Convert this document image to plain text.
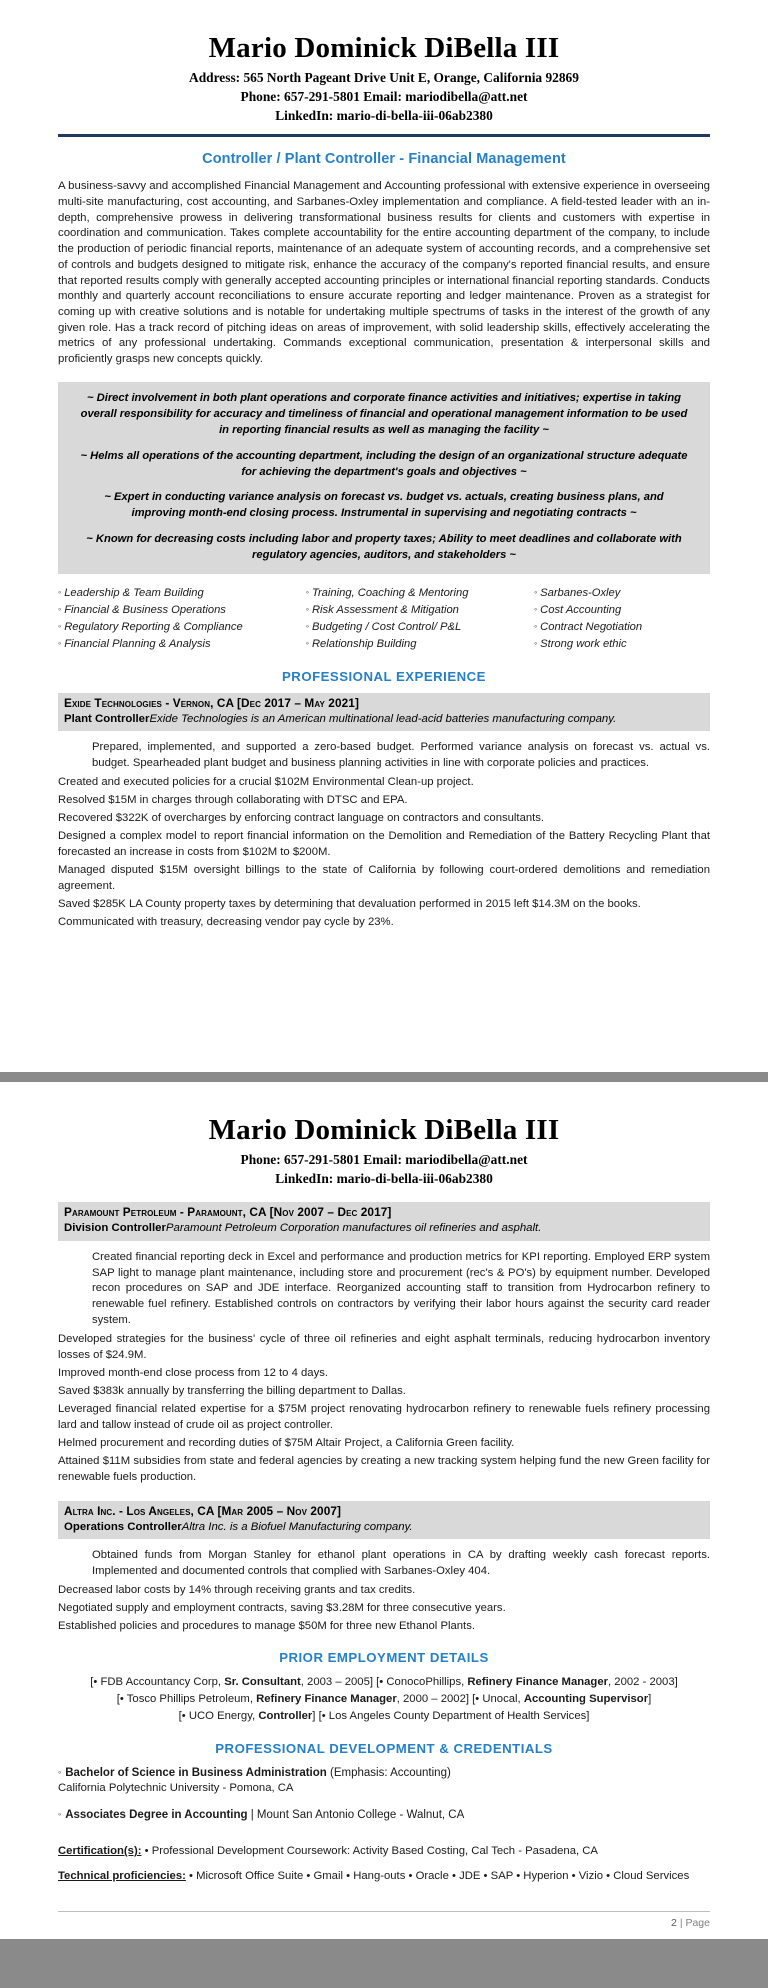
Mario Dominick DiBella III
Address: 565 North Pageant Drive Unit E, Orange, California 92869
Phone: 657-291-5801 Email: mariodibella@att.net
LinkedIn: mario-di-bella-iii-06ab2380
Controller / Plant Controller - Financial Management
A business-savvy and accomplished Financial Management and Accounting professional with extensive experience in overseeing multi-site manufacturing, cost accounting, and Sarbanes-Oxley implementation and compliance. A field-tested leader with an in-depth, comprehensive prowess in delivering transformational business results for clients and customers with expertise in coordination and communication. Takes complete accountability for the entire accounting department of the company, to include the production of periodic financial reports, maintenance of an adequate system of accounting records, and a comprehensive set of controls and budgets designed to mitigate risk, enhance the accuracy of the company's reported financial results, and ensure that reported results comply with generally accepted accounting principles or international financial reporting standards. Conducts monthly and quarterly account reconciliations to ensure accurate reporting and ledger maintenance. Proven as a strategist for coming up with creative solutions and is notable for undertaking multiple spectrums of tasks in the interest of the growth of any given role. Has a track record of pitching ideas on areas of improvement, with solid leadership skills, effectively accelerating the metrics of any professional undertaking. Commands exceptional communication, presentation & interpersonal skills and proficiently grasps new concepts quickly.

~ Direct involvement in both plant operations and corporate finance activities and initiatives; expertise in taking overall responsibility for accuracy and timeliness of financial and operational management information to be used in reporting financial results as well as managing the facility ~

~ Helms all operations of the accounting department, including the design of an organizational structure adequate for achieving the department's goals and objectives ~

~ Expert in conducting variance analysis on forecast vs. budget vs. actuals, creating business plans, and improving month-end closing process. Instrumental in supervising and negotiating contracts ~

~ Known for decreasing costs including labor and property taxes; Ability to meet deadlines and collaborate with regulatory agencies, auditors, and stakeholders ~

◦ Leadership & Team Building
◦ Financial & Business Operations
◦ Regulatory Reporting & Compliance
◦ Financial Planning & Analysis
◦ Training, Coaching & Mentoring
◦ Risk Assessment & Mitigation
◦ Budgeting / Cost Control/ P&L
◦ Relationship Building
◦ Sarbanes-Oxley
◦ Cost Accounting
◦ Contract Negotiation
◦ Strong work ethic
PROFESSIONAL EXPERIENCE
Exide Technologies - Vernon, CA [Dec 2017 – May 2021]
Plant ControllerExide Technologies is an American multinational lead-acid batteries manufacturing company.
Prepared, implemented, and supported a zero-based budget. Performed variance analysis on forecast vs. actual vs. budget. Spearheaded plant budget and business planning activities in line with corporate policies and practices.
Created and executed policies for a crucial $102M Environmental Clean-up project.
Resolved $15M in charges through collaborating with DTSC and EPA.
Recovered $322K of overcharges by enforcing contract language on contractors and consultants.
Designed a complex model to report financial information on the Demolition and Remediation of the Battery Recycling Plant that forecasted an increase in costs from $102M to $200M.
Managed disputed $15M oversight billings to the state of California by following court-ordered demolitions and remediation agreement.
Saved $285K LA County property taxes by determining that devaluation performed in 2015 left $14.3M on the books.
Communicated with treasury, decreasing vendor pay cycle by 23%.
Mario Dominick DiBella III
Phone: 657-291-5801 Email: mariodibella@att.net
LinkedIn: mario-di-bella-iii-06ab2380
Paramount Petroleum - Paramount, CA [Nov 2007 – Dec 2017]
Division ControllerParamount Petroleum Corporation manufactures oil refineries and asphalt.
Created financial reporting deck in Excel and performance and production metrics for KPI reporting. Employed ERP system SAP light to manage plant maintenance, including store and procurement (rec's & PO's) by equipment number. Developed recon procedures on SAP and JDE interface. Reorganized accounting staff to transition from Hydrocarbon refinery to renewable fuel refinery. Established controls on contractors by verifying their labor hours against the security card reader system.
Developed strategies for the business' cycle of three oil refineries and eight asphalt terminals, reducing hydrocarbon inventory losses of $24.9M.
Improved month-end close process from 12 to 4 days.
Saved $383k annually by transferring the billing department to Dallas.
Leveraged financial related expertise for a $75M project renovating hydrocarbon refinery to renewable fuels refinery processing lard and tallow instead of crude oil as project controller.
Helmed procurement and recording duties of $75M Altair Project, a California Green facility.
Attained $11M subsidies from state and federal agencies by creating a new tracking system helping fund the new Green facility for renewable fuels production.
Altra Inc. - Los Angeles, CA [Mar 2005 – Nov 2007]
Operations ControllerAltra Inc. is a Biofuel Manufacturing company.
Obtained funds from Morgan Stanley for ethanol plant operations in CA by drafting weekly cash forecast reports. Implemented and documented controls that complied with Sarbanes-Oxley 404.
Decreased labor costs by 14% through receiving grants and tax credits.
Negotiated supply and employment contracts, saving $3.28M for three consecutive years.
Established policies and procedures to manage $50M for three new Ethanol Plants.
PRIOR EMPLOYMENT DETAILS
[• FDB Accountancy Corp, Sr. Consultant, 2003 – 2005] [• ConocoPhillips, Refinery Finance Manager, 2002 - 2003]
[• Tosco Phillips Petroleum, Refinery Finance Manager, 2000 – 2002] [• Unocal, Accounting Supervisor]
[• UCO Energy, Controller] [• Los Angeles County Department of Health Services]
PROFESSIONAL DEVELOPMENT & CREDENTIALS
◦ Bachelor of Science in Business Administration (Emphasis: Accounting)
California Polytechnic University - Pomona, CA
◦ Associates Degree in Accounting | Mount San Antonio College - Walnut, CA
Certification(s): • Professional Development Coursework: Activity Based Costing, Cal Tech - Pasadena, CA
Technical proficiencies: • Microsoft Office Suite • Gmail • Hang-outs • Oracle • JDE • SAP • Hyperion • Vizio • Cloud Services
2 | Page
